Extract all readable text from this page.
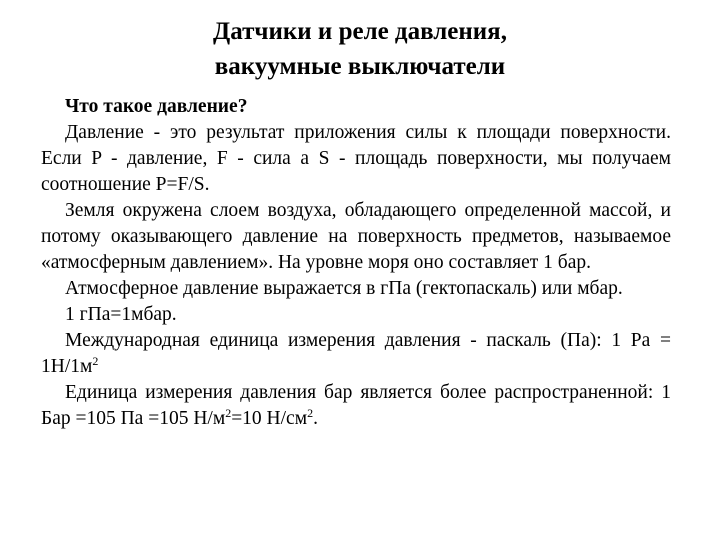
Датчики и реле давления,
вакуумные выключатели

Что такое давление?

Давление - это результат приложения силы к площади поверхности. Если P - давление, F - сила а S - площадь поверхности, мы получаем соотношение P=F/S.

Земля окружена слоем воздуха, обладающего определенной массой, и потому оказывающего давление на поверхность предметов, называемое «атмосферным давлением». На уровне моря оно составляет 1 бар.

Атмосферное давление выражается в гПа (гектопаскаль) или мбар.

1 гПа=1мбар.

Международная единица измерения давления - паскаль (Па): 1 $Pa = 1Н/1м^2$

Единица измерения давления бар является более распространенной: 1 Бар =105 Па =105 $Н/м^2=10$ $Н/см^2$.
